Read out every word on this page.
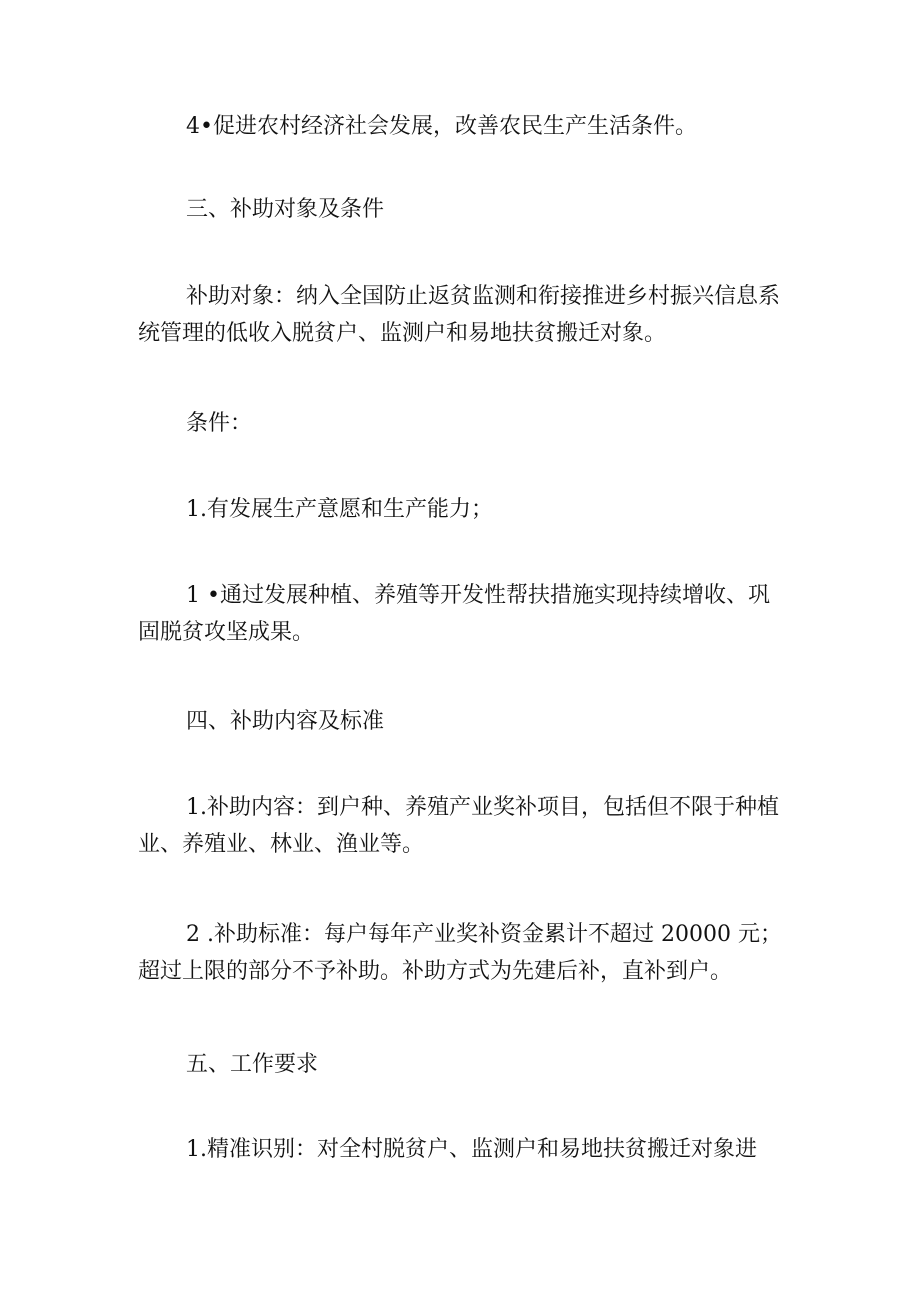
4•促进农村经济社会发展，改善农民生产生活条件。

三、补助对象及条件

补助对象：纳入全国防止返贫监测和衔接推进乡村振兴信息系统管理的低收入脱贫户、监测户和易地扶贫搬迁对象。

条件：

1.有发展生产意愿和生产能力；

1 •通过发展种植、养殖等开发性帮扶措施实现持续增收、巩固脱贫攻坚成果。

四、补助内容及标准

1.补助内容：到户种、养殖产业奖补项目，包括但不限于种植业、养殖业、林业、渔业等。

2 .补助标准：每户每年产业奖补资金累计不超过 20000 元；超过上限的部分不予补助。补助方式为先建后补，直补到户。

五、工作要求

1.精准识别：对全村脱贫户、监测户和易地扶贫搬迁对象进
